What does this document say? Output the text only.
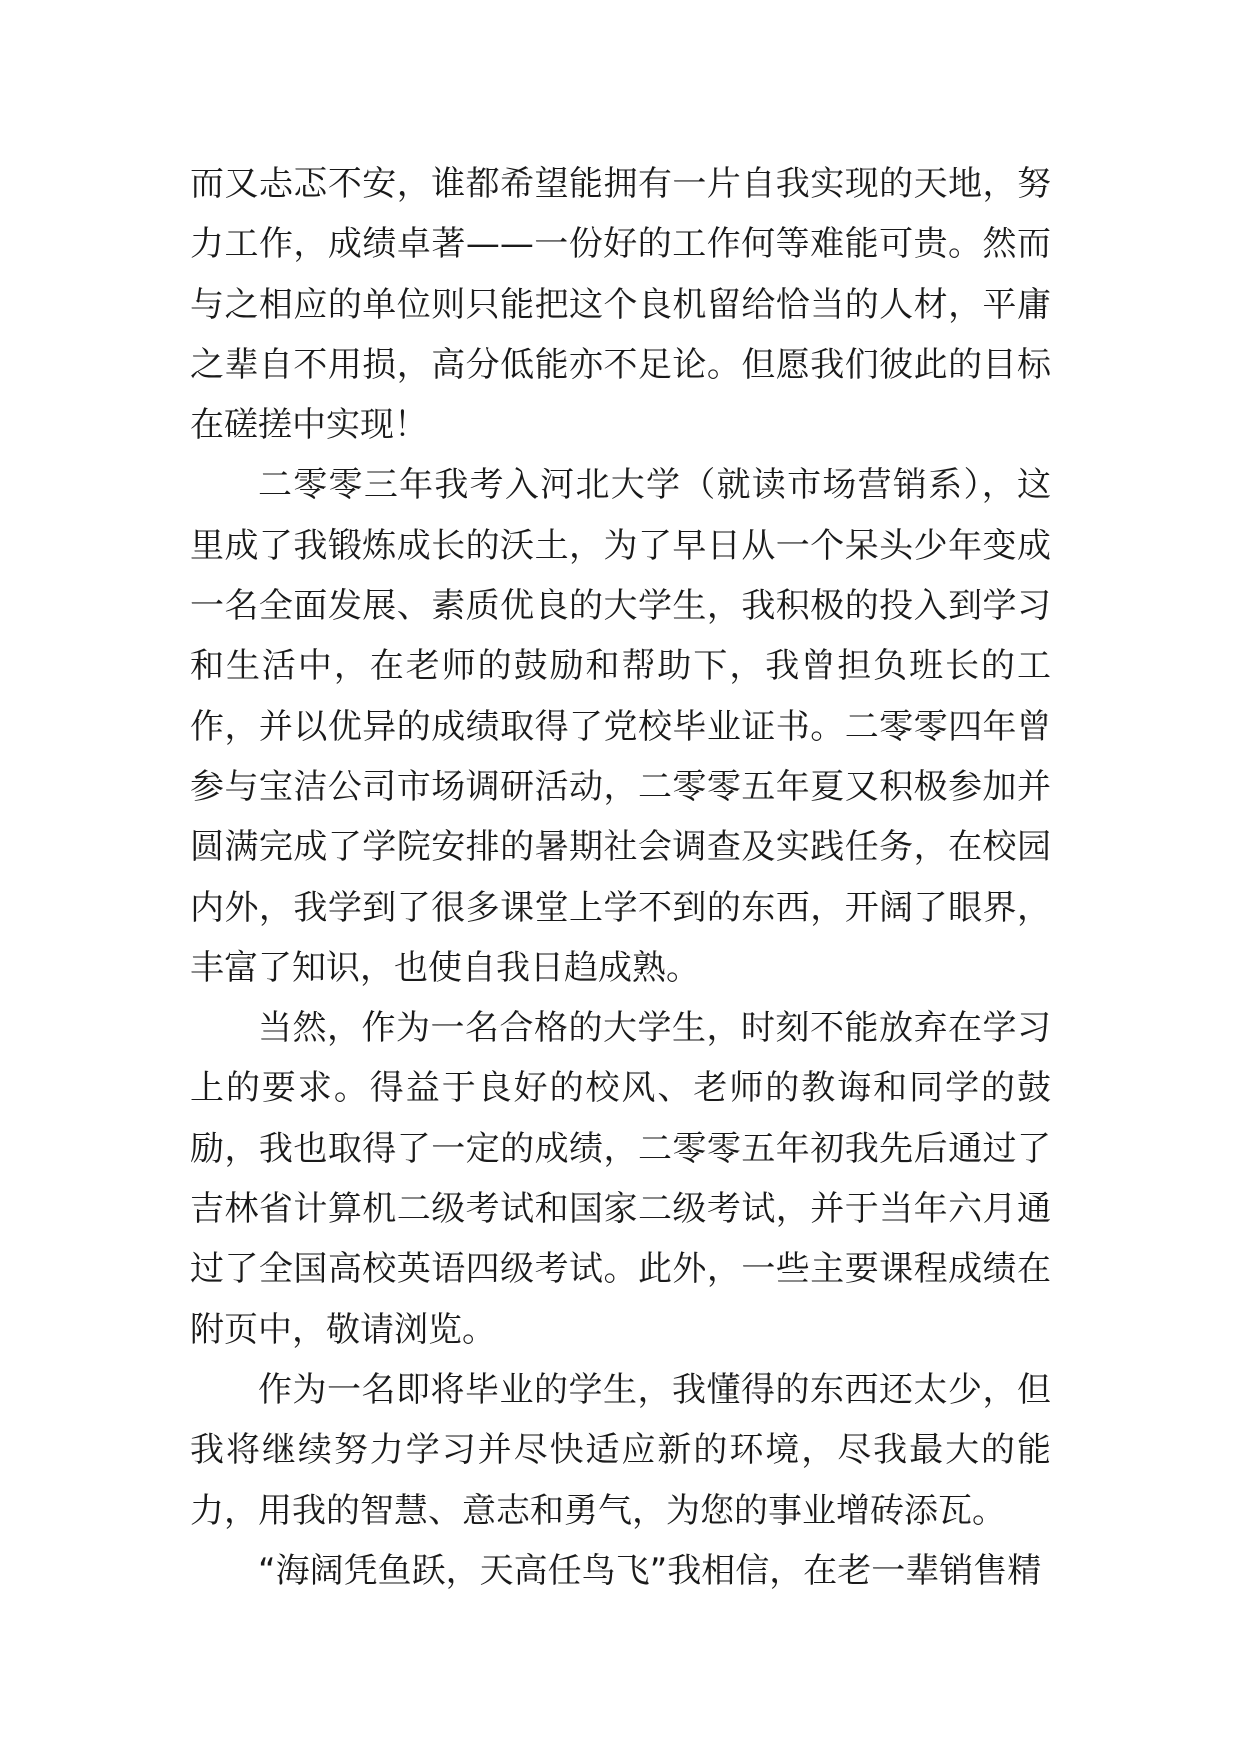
而又忐忑不安，谁都希望能拥有一片自我实现的天地，努力工作，成绩卓著——一份好的工作何等难能可贵。然而与之相应的单位则只能把这个良机留给恰当的人材，平庸之辈自不用损，高分低能亦不足论。但愿我们彼此的目标在磋搓中实现！

二零零三年我考入河北大学（就读市场营销系），这里成了我锻炼成长的沃土，为了早日从一个呆头少年变成一名全面发展、素质优良的大学生，我积极的投入到学习和生活中，在老师的鼓励和帮助下，我曾担负班长的工作，并以优异的成绩取得了党校毕业证书。二零零四年曾参与宝洁公司市场调研活动，二零零五年夏又积极参加并圆满完成了学院安排的暑期社会调查及实践任务，在校园内外，我学到了很多课堂上学不到的东西，开阔了眼界，丰富了知识，也使自我日趋成熟。

当然，作为一名合格的大学生，时刻不能放弃在学习上的要求。得益于良好的校风、老师的教诲和同学的鼓励，我也取得了一定的成绩，二零零五年初我先后通过了吉林省计算机二级考试和国家二级考试，并于当年六月通过了全国高校英语四级考试。此外，一些主要课程成绩在附页中，敬请浏览。

作为一名即将毕业的学生，我懂得的东西还太少，但我将继续努力学习并尽快适应新的环境，尽我最大的能力，用我的智慧、意志和勇气，为您的事业增砖添瓦。

“海阔凭鱼跃，天高任鸟飞”我相信，在老一辈销售精
